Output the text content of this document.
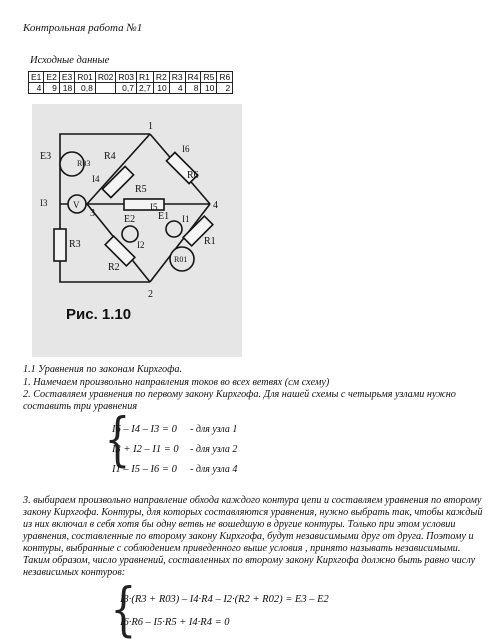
Контрольная работа №1
Исходные данные
E1	E2	E3	R01	R02	R03	R1	R2	R3	R4	R5	R6
4	9	18	0,8		0,7	2,7	10	4	8	10	2
1
2
3
4
E3
R03
R4
R6
R5
V
E2 E1
R1
R3
R2
R01
I4
I6
I5
I3
I2
I1
Рис. 1.10
1.1 Уравнения по законам Кирхгофа.
1. Намечаем произвольно направления токов во всех ветвях (см схему)
2. Составляем уравнения по первому закону Кирхгофа. Для нашей схемы с четырьмя узлами нужно
составить три уравнения
{
I6 – I4 – I3 = 0 - для узла 1
I3 + I2 – I1 = 0 - для узла 2
I1 – I5 – I6 = 0 - для узла 4
3. выбираем произвольно направление обхода каждого контура цепи и составляем уравнения по второму
закону Кирхгофа. Контуры, для которых составляются уравнения, нужно выбрать так, чтобы каждый
из них включал в себя хотя бы одну ветвь не вошедшую в другие контуры. Только при этом условии
уравнения, составленные по второму закону Кирхгофа, будут независимыми друг от друга. Поэтому и
контуры, выбранные с соблюдением приведенного выше условия , принято называть независимыми.
Таким образом, число уравнений, составленных по второму закону Кирхгофа должно быть равно числу
независимых контуров:
{
I3·(R3 + R03) – I4·R4 – I2·(R2 + R02) = E3 – E2
I6·R6 – I5·R5 + I4·R4 = 0
